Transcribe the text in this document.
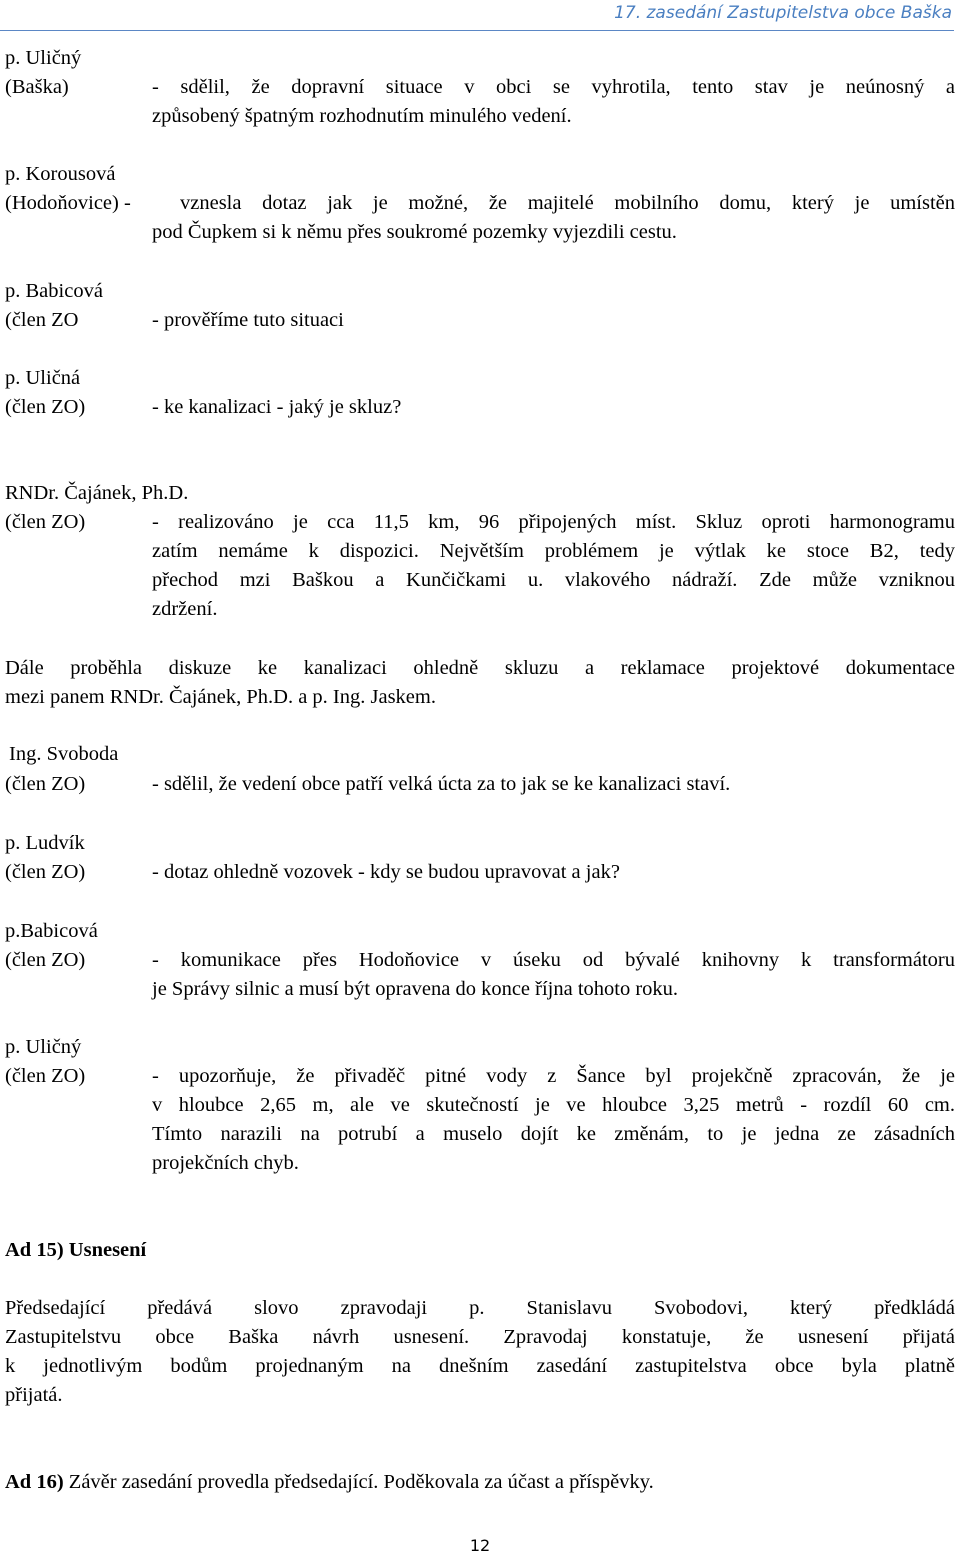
17. zasedání Zastupitelstva obce Baška
p. Uličný
(Baška)	- sdělil, že dopravní situace v obci se vyhrotila, tento stav je neúnosný a
způsobený špatným rozhodnutím minulého vedení.
p. Korousová
(Hodoňovice) - vznesla dotaz jak je možné, že majitelé mobilního domu, který je umístěn
pod Čupkem si k němu přes soukromé pozemky vyjezdili cestu.
p. Babicová
(člen ZO	- prověříme tuto situaci
p. Uličná
(člen ZO)	- ke kanalizaci - jaký je skluz?
RNDr. Čajánek, Ph.D.
(člen ZO)	- realizováno je cca 11,5 km, 96 připojených míst. Skluz oproti harmonogramu
zatím nemáme k dispozici. Největším problémem je výtlak ke stoce B2, tedy
přechod mzi Baškou a Kunčičkami u. vlakového nádraží. Zde může vzniknou
zdržení.
Dále proběhla diskuze ke kanalizaci ohledně skluzu a reklamace projektové dokumentace
mezi panem RNDr. Čajánek, Ph.D. a p. Ing. Jaskem.
Ing. Svoboda
(člen ZO)	- sdělil, že vedení obce patří velká úcta za to jak se ke kanalizaci staví.
p. Ludvík
(člen ZO)	- dotaz ohledně vozovek - kdy se budou upravovat a jak?
p.Babicová
(člen ZO)	- komunikace přes Hodoňovice v úseku od bývalé knihovny k transformátoru
je Správy silnic a musí být opravena do konce října tohoto roku.
p. Uličný
(člen ZO)	- upozorňuje, že přivaděč pitné vody z Šance byl projekčně zpracován, že je
v hloubce 2,65 m, ale ve skutečností je ve hloubce 3,25 metrů - rozdíl 60 cm.
Tímto narazili na potrubí a muselo dojít ke změnám, to je jedna ze zásadních
projekčních chyb.
Ad 15) Usnesení
Předsedající předává slovo zpravodaji p. Stanislavu Svobodovi, který předkládá
Zastupitelstvu obce Baška návrh usnesení. Zpravodaj konstatuje, že usnesení přijatá
k jednotlivým bodům projednaným na dnešním zasedání zastupitelstva obce byla platně
přijatá.
Ad 16) Závěr zasedání provedla předsedající. Poděkovala za účast a příspěvky.
12
